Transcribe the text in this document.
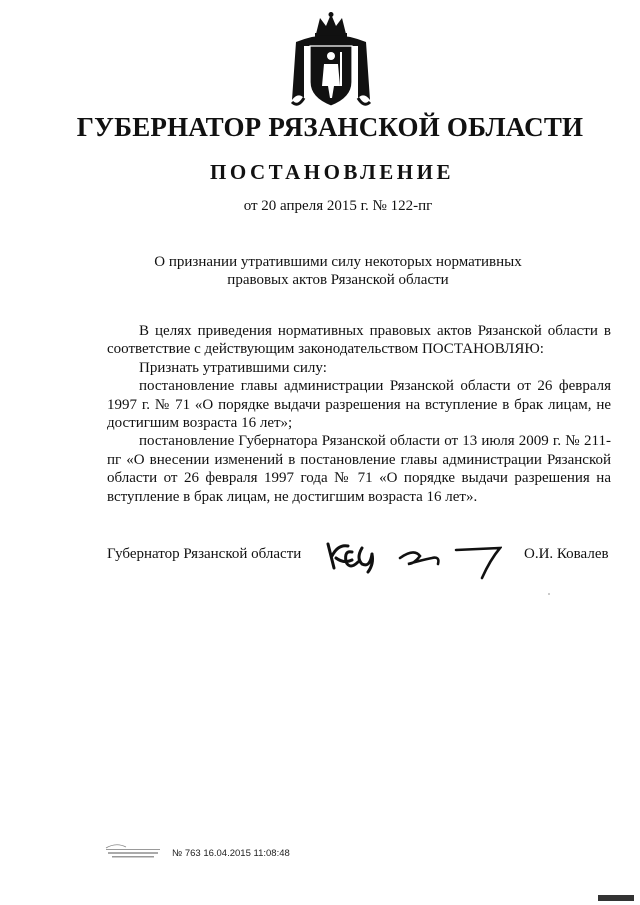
ГУБЕРНАТОР РЯЗАНСКОЙ ОБЛАСТИ
ПОСТАНОВЛЕНИЕ
от 20 апреля 2015 г. № 122-пг
О признании утратившими силу некоторых нормативных
правовых актов Рязанской области

В целях приведения нормативных правовых актов Рязанской области в соответствие с действующим законодательством ПОСТАНОВЛЯЮ:

Признать утратившими силу:

постановление главы администрации Рязанской области от 26 февраля 1997 г. № 71 «О порядке выдачи разрешения на вступление в брак лицам, не достигшим возраста 16 лет»;

постановление Губернатора Рязанской области от 13 июля 2009 г. № 211-пг «О внесении изменений в постановление главы администрации Рязанской области от 26 февраля 1997 года № 71 «О порядке выдачи разрешения на вступление в брак лицам, не достигшим возраста 16 лет».

Губернатор Рязанской области	О.И. Ковалев
№ 763 16.04.2015 11:08:48
